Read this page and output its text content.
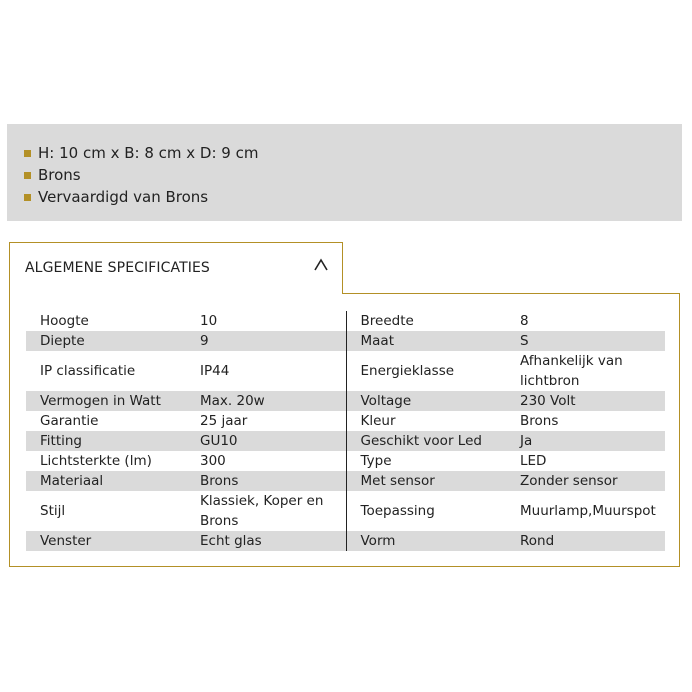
H: 10 cm x B: 8 cm x D: 9 cm
Brons
Vervaardigd van Brons
ALGEMENE SPECIFICATIES
Hoogte	10	Breedte	8
Diepte	9	Maat	S
IP classificatie	IP44	Energieklasse	Afhankelijk van lichtbron
Vermogen in Watt	Max. 20w	Voltage	230 Volt
Garantie	25 jaar	Kleur	Brons
Fitting	GU10	Geschikt voor Led	Ja
Lichtsterkte (lm)	300	Type	LED
Materiaal	Brons	Met sensor	Zonder sensor
Stijl	Klassiek, Koper en Brons	Toepassing	Muurlamp,Muurspot
Venster	Echt glas	Vorm	Rond
